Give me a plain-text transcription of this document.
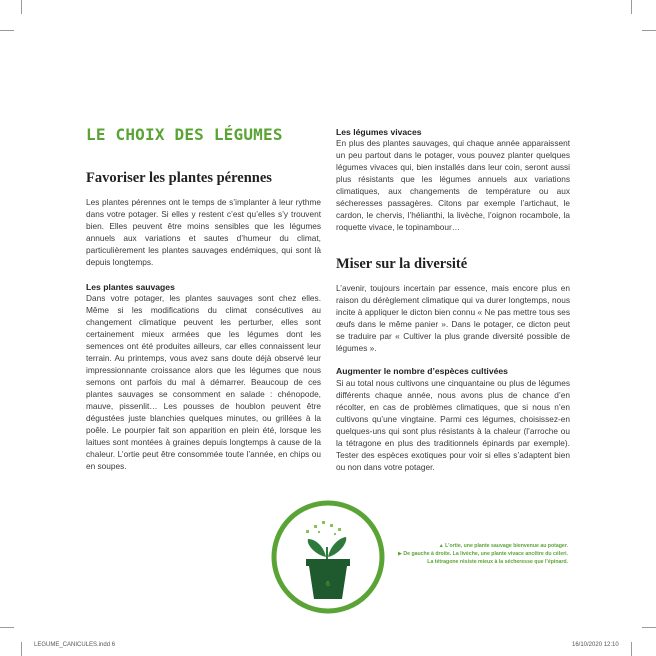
LE CHOIX DES LÉGUMES
Favoriser les plantes pérennes

Les plantes pérennes ont le temps de s’implanter à leur rythme dans votre potager. Si elles y restent c’est qu’elles s’y trouvent bien. Elles peuvent être moins sensibles que les légumes annuels aux variations et sautes d’humeur du climat, particulièrement les plantes sauvages endémiques, qui sont là depuis longtemps.

Les plantes sauvages

Dans votre potager, les plantes sauvages sont chez elles. Même si les modifications du climat consécutives au changement climatique peuvent les perturber, elles sont certainement mieux armées que les légumes dont les semences ont été produites ailleurs, car elles connaissent leur terrain. Au printemps, vous avez sans doute déjà observé leur impressionnante croissance alors que les légumes que nous semons ont parfois du mal à démarrer. Beaucoup de ces plantes sauvages se consomment en salade : chénopode, mauve, pissenlit… Les pousses de houblon peuvent être dégustées juste blanchies quelques minutes, ou grillées à la poêle. Le pourpier fait son apparition en plein été, lorsque les laitues sont montées à graines depuis longtemps à cause de la chaleur. L’ortie peut être consommée toute l’année, en chips ou en soupes.

Les légumes vivaces

En plus des plantes sauvages, qui chaque année apparaissent un peu partout dans le potager, vous pouvez planter quelques légumes vivaces qui, bien installés dans leur coin, seront aussi plus résistants que les légumes annuels aux variations climatiques, aux changements de température ou aux sécheresses passagères. Citons par exemple l’artichaut, le cardon, le chervis, l’hélianthi, la livèche, l’oignon rocambole, la roquette vivace, le topinambour…

Miser sur la diversité

L’avenir, toujours incertain par essence, mais encore plus en raison du dérèglement climatique qui va durer longtemps, nous incite à appliquer le dicton bien connu « Ne pas mettre tous ses œufs dans le même panier ». Dans le potager, ce dicton peut se traduire par « Cultiver la plus grande diversité possible de légumes ».

Augmenter le nombre d’espèces cultivées

Si au total nous cultivons une cinquantaine ou plus de légumes différents chaque année, nous avons plus de chance d’en récolter, en cas de problèmes climatiques, que si nous n’en cultivons qu’une vingtaine. Parmi ces légumes, choisissez-en quelques-uns qui sont plus résistants à la chaleur (l’arroche ou la tétragone en plus des traditionnels épinards par exemple). Tester des espèces exotiques pour voir si elles s’adaptent bien ou non dans votre potager.

6
▲ L’ortie, une plante sauvage bienvenue au potager.
▶ De gauche à droite. La livèche, une plante vivace ancêtre du céleri.
La tétragone résiste mieux à la sécheresse que l’épinard.
LEGUME_CANICULES.indd 6	16/10/2020 12:10
